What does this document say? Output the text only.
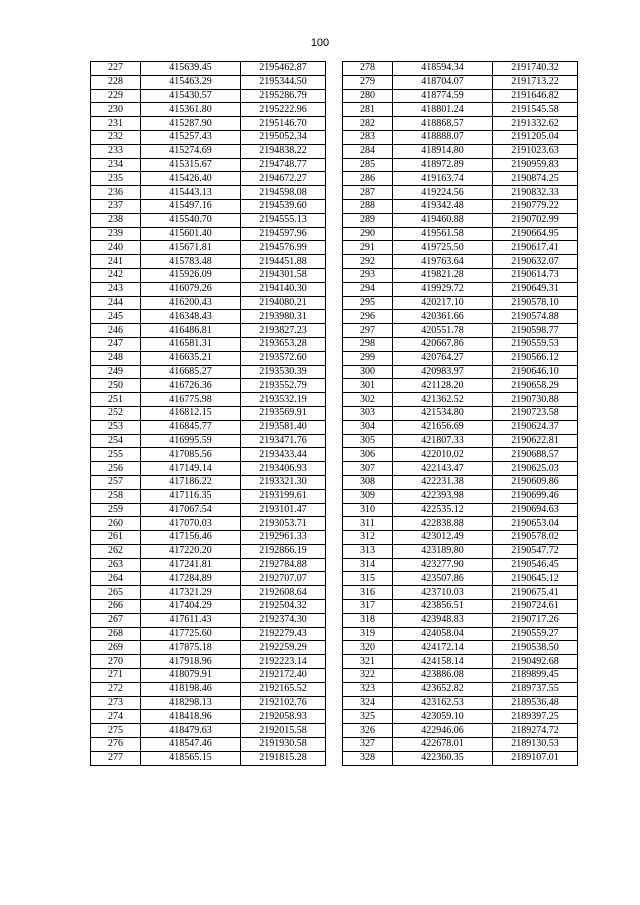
100
227	415639.45	2195462.87
228	415463.29	2195344.50
229	415430.57	2195286.79
230	415361.80	2195222.96
231	415287.90	2195146.70
232	415257.43	2195052.34
233	415274.69	2194838.22
234	415315.67	2194748.77
235	415426.40	2194672.27
236	415443.13	2194598.08
237	415497.16	2194539.60
238	415540.70	2194555.13
239	415601.40	2194597.96
240	415671.81	2194576.99
241	415783.48	2194451.88
242	415926.09	2194301.58
243	416079.26	2194140.30
244	416200.43	2194080.21
245	416348.43	2193980.31
246	416486.81	2193827.23
247	416581.31	2193653.28
248	416635.21	2193572.60
249	416685.27	2193530.39
250	416726.36	2193552.79
251	416775.98	2193532.19
252	416812.15	2193569.91
253	416845.77	2193581.40
254	416995.59	2193471.76
255	417085.56	2193433.44
256	417149.14	2193406.93
257	417186.22	2193321.30
258	417116.35	2193199.61
259	417067.54	2193101.47
260	417070.03	2193053.71
261	417156.46	2192961.33
262	417220.20	2192866.19
263	417241.81	2192784.88
264	417284.89	2192707.07
265	417321.29	2192608.64
266	417404.29	2192504.32
267	417611.43	2192374.30
268	417725.60	2192279.43
269	417875.18	2192259.29
270	417918.96	2192223.14
271	418079.91	2192172.40
272	418198.46	2192165.52
273	418298.13	2192102.76
274	418418.96	2192058.93
275	418479.63	2192015.58
276	418547.46	2191930.58
277	418565.15	2191815.28
278	418594.34	2191740.32
279	418704.07	2191713.22
280	418774.59	2191646.82
281	418801.24	2191545.58
282	418868.57	2191332.62
283	418888.07	2191205.04
284	418914.80	2191023.63
285	418972.89	2190959.83
286	419163.74	2190874.25
287	419224.56	2190832.33
288	419342.48	2190779.22
289	419460.88	2190702.99
290	419561.58	2190664.95
291	419725.50	2190617.41
292	419763.64	2190632.07
293	419821.28	2190614.73
294	419929.72	2190649.31
295	420217.10	2190578.10
296	420361.66	2190574.88
297	420551.78	2190598.77
298	420667.86	2190559.53
299	420764.27	2190566.12
300	420983.97	2190646.10
301	421128.20	2190658.29
302	421362.52	2190730.88
303	421534.80	2190723.58
304	421656.69	2190624.37
305	421807.33	2190622.81
306	422010.02	2190688.57
307	422143.47	2190625.03
308	422231.38	2190609.86
309	422393.98	2190699.46
310	422535.12	2190694.63
311	422838.88	2190653.04
312	423012.49	2190578.02
313	423189.80	2190547.72
314	423277.90	2190546.45
315	423507.86	2190645.12
316	423710.03	2190675.41
317	423856.51	2190724.61
318	423948.83	2190717.26
319	424058.04	2190559.27
320	424172.14	2190538.50
321	424158.14	2190492.68
322	423886.08	2189899.45
323	423652.82	2189737.55
324	423162.53	2189536.48
325	423059.10	2189397.25
326	422946.06	2189274.72
327	422678.01	2189130.53
328	422360.35	2189107.01
